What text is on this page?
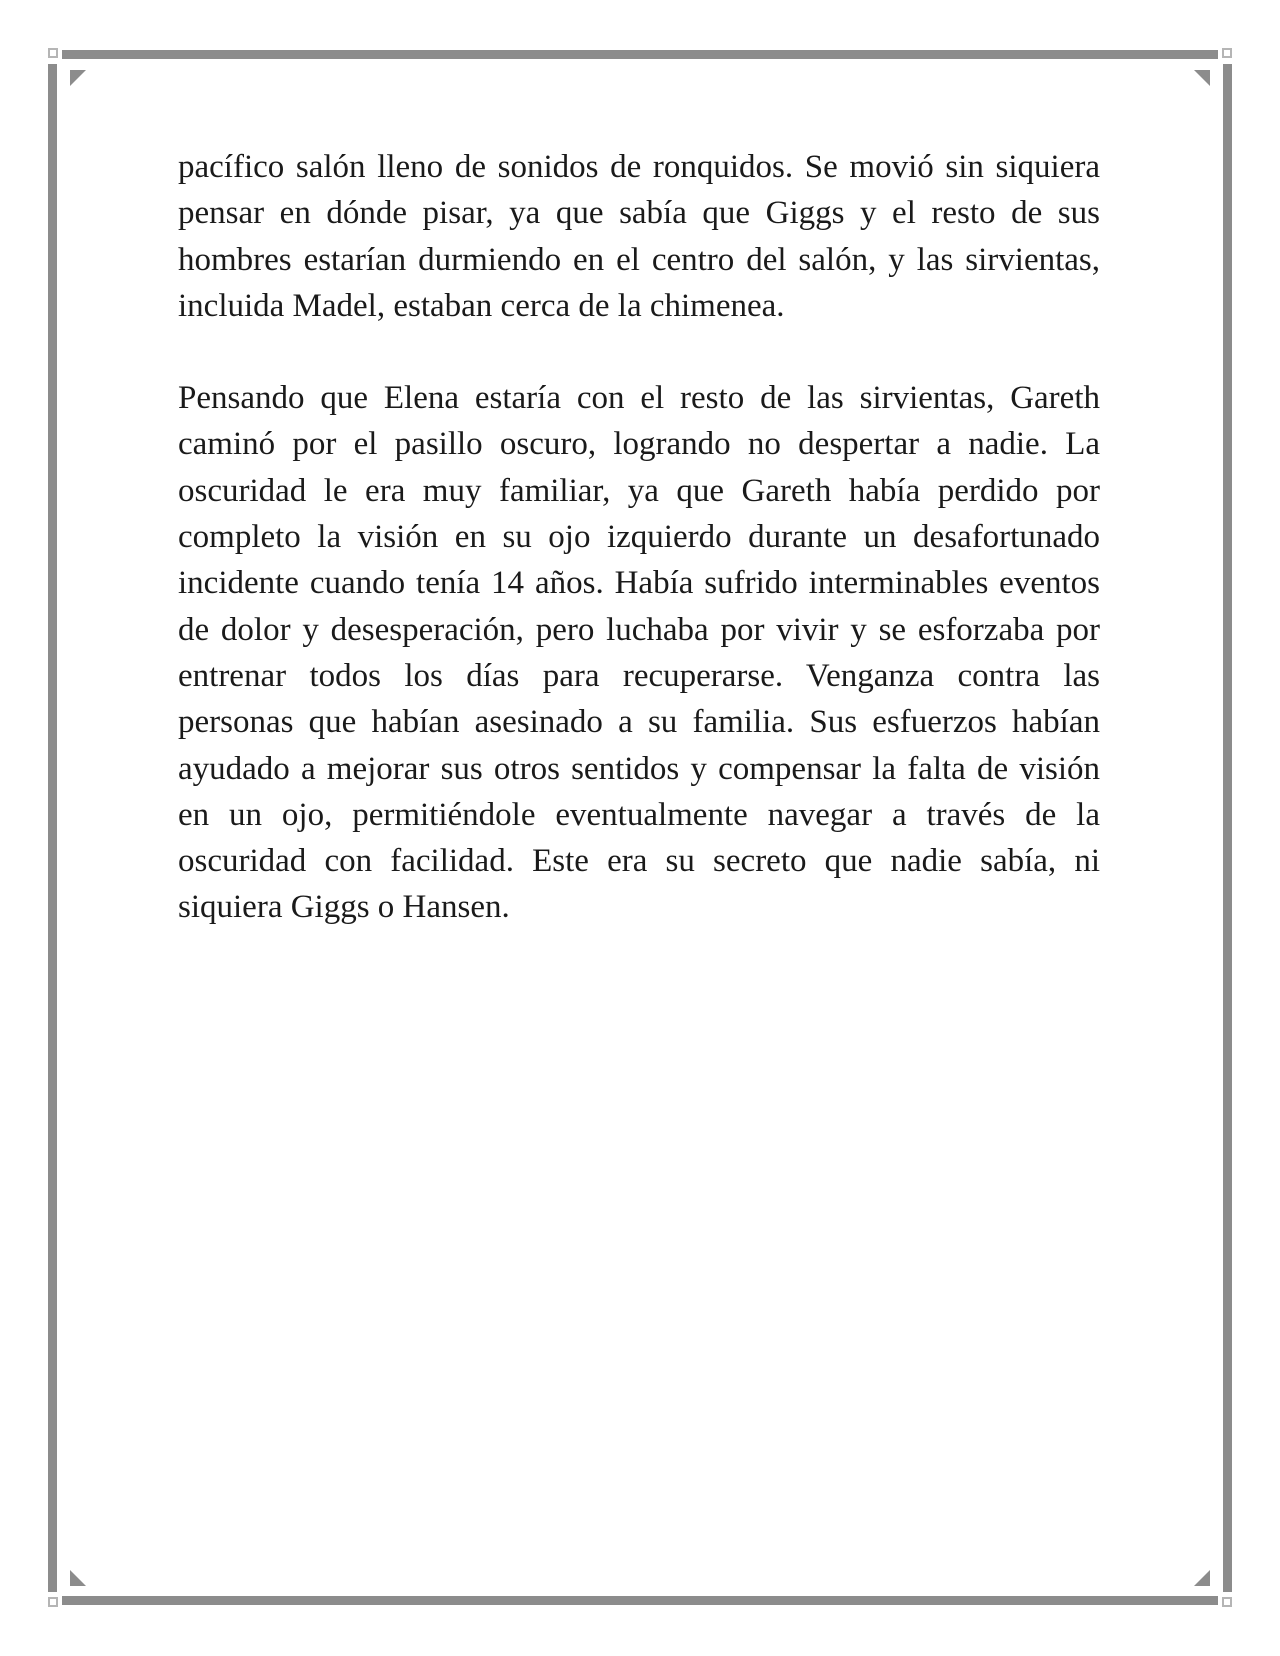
pacífico salón lleno de sonidos de ronquidos. Se movió sin siquiera pensar en dónde pisar, ya que sabía que Giggs y el resto de sus hombres estarían durmiendo en el centro del salón, y las sirvientas, incluida Madel, estaban cerca de la chimenea.

Pensando que Elena estaría con el resto de las sirvientas, Gareth caminó por el pasillo oscuro, logrando no despertar a nadie. La oscuridad le era muy familiar, ya que Gareth había perdido por completo la visión en su ojo izquierdo durante un desafortunado incidente cuando tenía 14 años. Había sufrido interminables eventos de dolor y desesperación, pero luchaba por vivir y se esforzaba por entrenar todos los días para recuperarse. Venganza contra las personas que habían asesinado a su familia. Sus esfuerzos habían ayudado a mejorar sus otros sentidos y compensar la falta de visión en un ojo, permitiéndole eventualmente navegar a través de la oscuridad con facilidad. Este era su secreto que nadie sabía, ni siquiera Giggs o Hansen.
